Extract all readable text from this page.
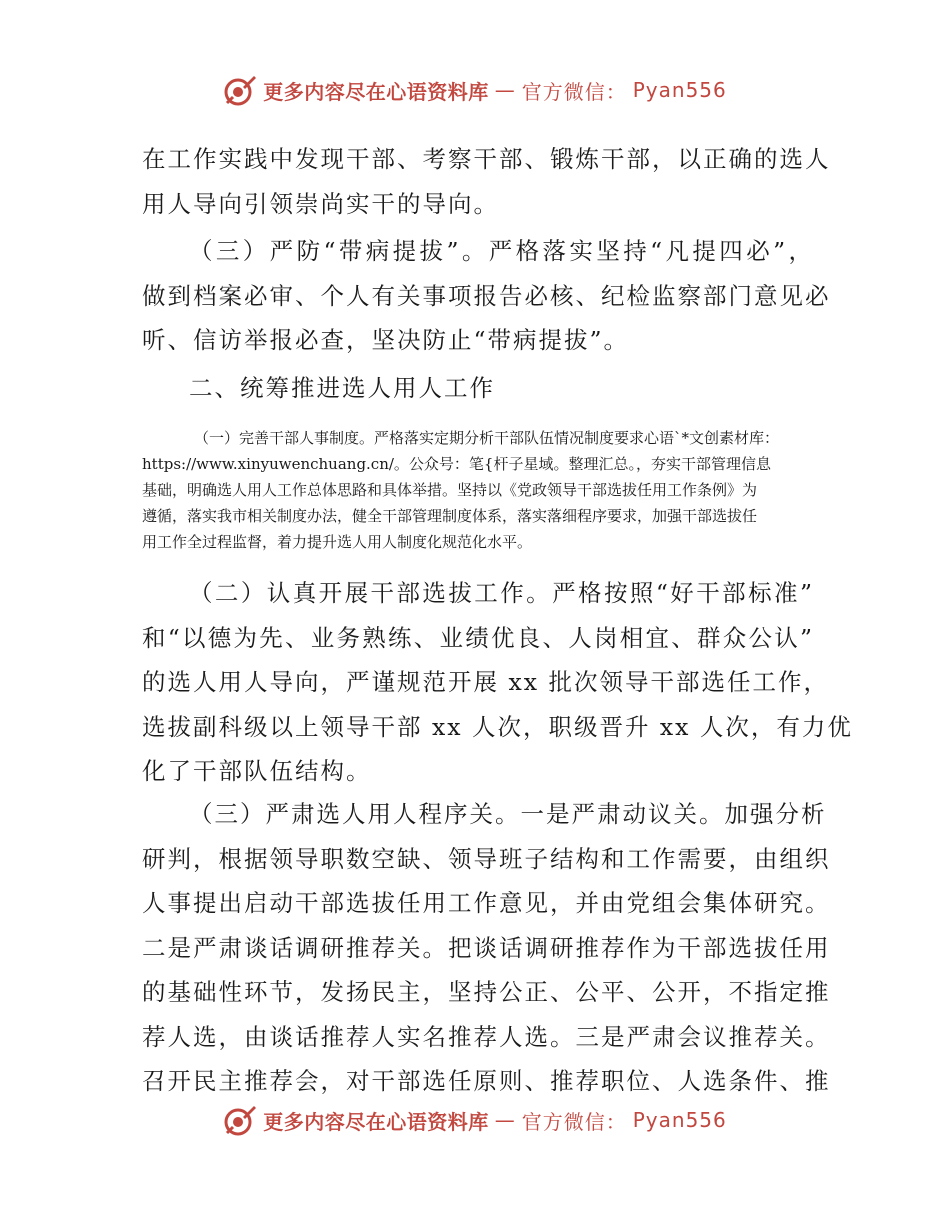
更多内容尽在心语资料库 — 官方微信： Pyan556
在工作实践中发现干部、考察干部、锻炼干部，以正确的选人
用人导向引领崇尚实干的导向。
（三）严防“带病提拔”。严格落实坚持“凡提四必”，
做到档案必审、个人有关事项报告必核、纪检监察部门意见必
听、信访举报必查，坚决防止“带病提拔”。
二、统筹推进选人用人工作
（一）完善干部人事制度。严格落实定期分析干部队伍情况制度要求心语`*文创素材库：
https://www.xinyuwenchuang.cn/。公众号：笔{杆子星域。整理汇总。，夯实干部管理信息
基础，明确选人用人工作总体思路和具体举措。坚持以《党政领导干部选拔任用工作条例》为
遵循，落实我市相关制度办法，健全干部管理制度体系，落实落细程序要求，加强干部选拔任
用工作全过程监督，着力提升选人用人制度化规范化水平。
（二）认真开展干部选拔工作。严格按照“好干部标准”
和“以德为先、业务熟练、业绩优良、人岗相宜、群众公认”
的选人用人导向，严谨规范开展 xx 批次领导干部选任工作，
选拔副科级以上领导干部 xx 人次，职级晋升 xx 人次，有力优
化了干部队伍结构。
（三）严肃选人用人程序关。一是严肃动议关。加强分析
研判，根据领导职数空缺、领导班子结构和工作需要，由组织
人事提出启动干部选拔任用工作意见，并由党组会集体研究。
二是严肃谈话调研推荐关。把谈话调研推荐作为干部选拔任用
的基础性环节，发扬民主，坚持公正、公平、公开，不指定推
荐人选，由谈话推荐人实名推荐人选。三是严肃会议推荐关。
召开民主推荐会，对干部选任原则、推荐职位、人选条件、推
更多内容尽在心语资料库 — 官方微信： Pyan556
